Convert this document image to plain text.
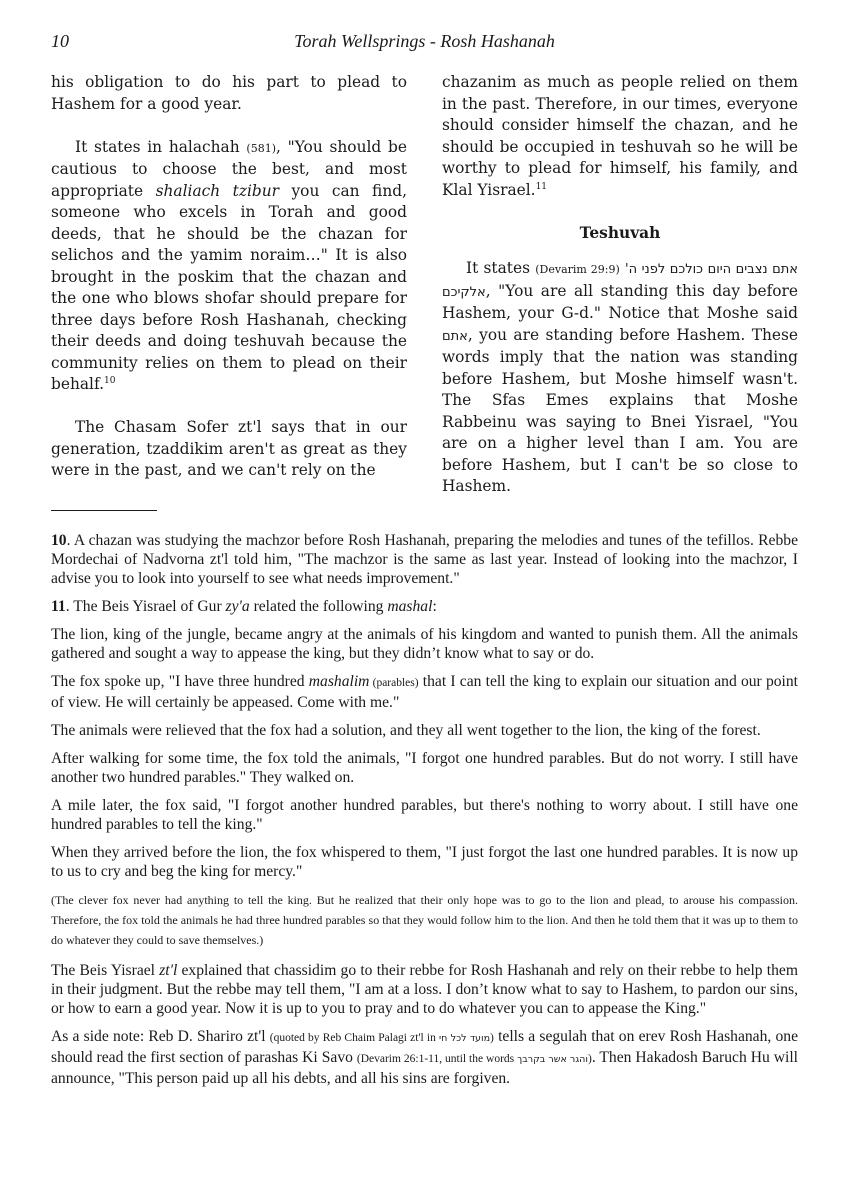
10	Torah Wellsprings - Rosh Hashanah

his obligation to do his part to plead to Hashem for a good year.

It states in halachah (581), "You should be cautious to choose the best, and most appropriate shaliach tzibur you can find, someone who excels in Torah and good deeds, that he should be the chazan for selichos and the yamim noraim…" It is also brought in the poskim that the chazan and the one who blows shofar should prepare for three days before Rosh Hashanah, checking their deeds and doing teshuvah because the community relies on them to plead on their behalf.$^{10}$

The Chasam Sofer zt'l says that in our generation, tzaddikim aren't as great as they were in the past, and we can't rely on the

chazanim as much as people relied on them in the past. Therefore, in our times, everyone should consider himself the chazan, and he should be occupied in teshuvah so he will be worthy to plead for himself, his family, and Klal Yisrael.$^{11}$

Teshuvah

It states (Devarim 29:9) אתם נצבים היום כולכם לפני ה' אלקיכם, "You are all standing this day before Hashem, your G-d." Notice that Moshe said אתם, you are standing before Hashem. These words imply that the nation was standing before Hashem, but Moshe himself wasn't. The Sfas Emes explains that Moshe Rabbeinu was saying to Bnei Yisrael, "You are on a higher level than I am. You are before Hashem, but I can't be so close to Hashem.

10. A chazan was studying the machzor before Rosh Hashanah, preparing the melodies and tunes of the tefillos. Rebbe Mordechai of Nadvorna zt'l told him, "The machzor is the same as last year. Instead of looking into the machzor, I advise you to look into yourself to see what needs improvement."

11. The Beis Yisrael of Gur zy'a related the following mashal:

The lion, king of the jungle, became angry at the animals of his kingdom and wanted to punish them. All the animals gathered and sought a way to appease the king, but they didn’t know what to say or do.

The fox spoke up, "I have three hundred mashalim (parables) that I can tell the king to explain our situation and our point of view. He will certainly be appeased. Come with me."

The animals were relieved that the fox had a solution, and they all went together to the lion, the king of the forest.

After walking for some time, the fox told the animals, "I forgot one hundred parables. But do not worry. I still have another two hundred parables." They walked on.

A mile later, the fox said, "I forgot another hundred parables, but there's nothing to worry about. I still have one hundred parables to tell the king."

When they arrived before the lion, the fox whispered to them, "I just forgot the last one hundred parables. It is now up to us to cry and beg the king for mercy."

(The clever fox never had anything to tell the king. But he realized that their only hope was to go to the lion and plead, to arouse his compassion. Therefore, the fox told the animals he had three hundred parables so that they would follow him to the lion. And then he told them that it was up to them to do whatever they could to save themselves.)

The Beis Yisrael zt'l explained that chassidim go to their rebbe for Rosh Hashanah and rely on their rebbe to help them in their judgment. But the rebbe may tell them, "I am at a loss. I don’t know what to say to Hashem, to pardon our sins, or how to earn a good year. Now it is up to you to pray and to do whatever you can to appease the King."

As a side note: Reb D. Shariro zt'l (quoted by Reb Chaim Palagi zt'l in מועד לכל חי) tells a segulah that on erev Rosh Hashanah, one should read the first section of parashas Ki Savo (Devarim 26:1-11, until the words והגר אשר בקרבך). Then Hakadosh Baruch Hu will announce, "This person paid up all his debts, and all his sins are forgiven.
